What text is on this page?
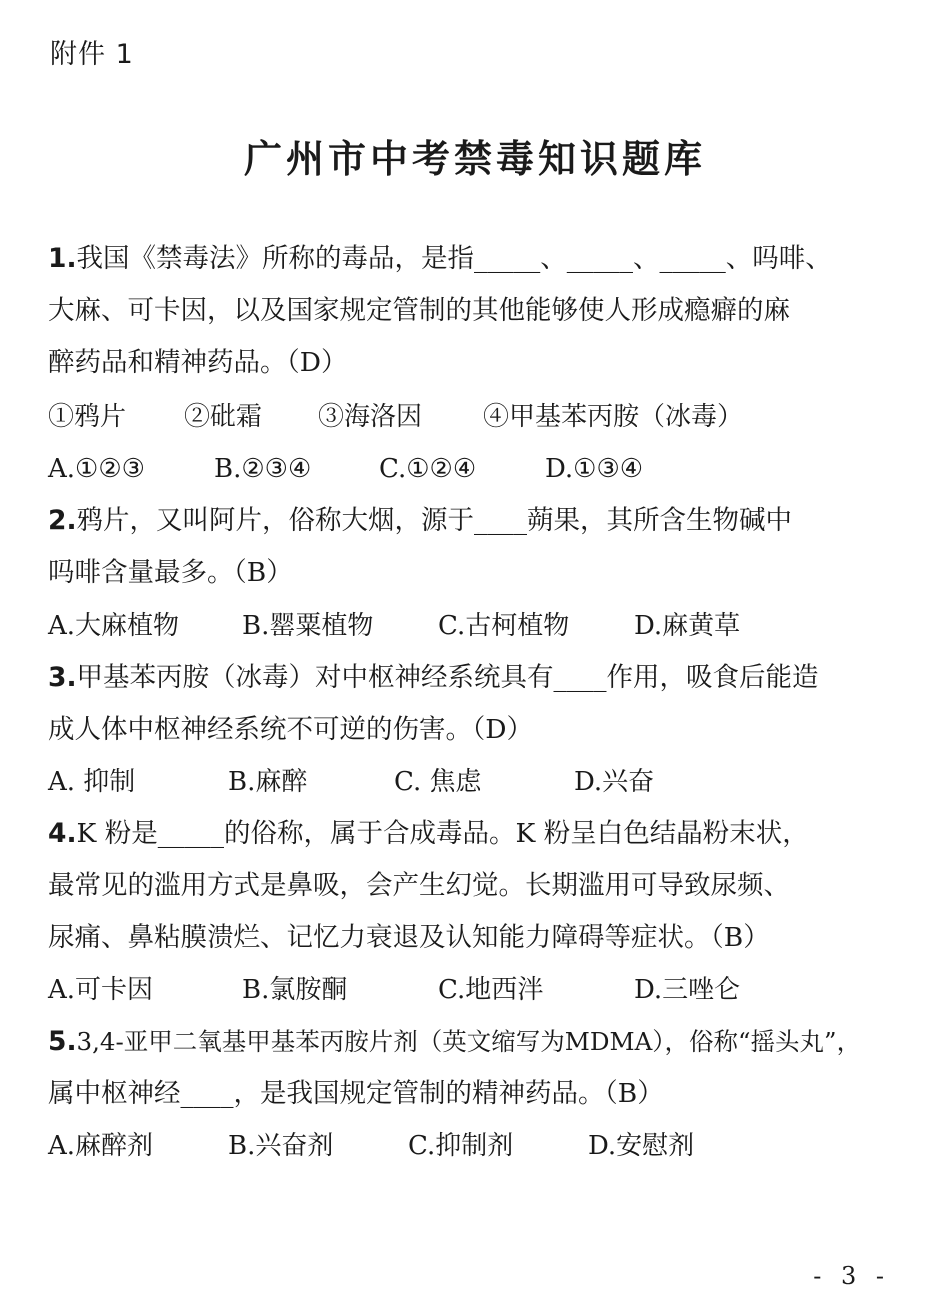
附件 1
广州市中考禁毒知识题库
1.我国《禁毒法》所称的毒品，是指_____、_____、_____、吗啡、
大麻、可卡因，以及国家规定管制的其他能够使人形成瘾癖的麻
醉药品和精神药品。（D）
①鸦片	②砒霜	③海洛因	④甲基苯丙胺（冰毒）
A.①②③	B.②③④	C.①②④	D.①③④
2.鸦片，又叫阿片，俗称大烟，源于____蒴果，其所含生物碱中
吗啡含量最多。（B）
A.大麻植物	B.罂粟植物	C.古柯植物	D.麻黄草
3.甲基苯丙胺（冰毒）对中枢神经系统具有____作用，吸食后能造
成人体中枢神经系统不可逆的伤害。（D）
A. 抑制	B.麻醉	C. 焦虑	D.兴奋
4.K 粉是_____的俗称，属于合成毒品。K 粉呈白色结晶粉末状，
最常见的滥用方式是鼻吸，会产生幻觉。长期滥用可导致尿频、
尿痛、鼻粘膜溃烂、记忆力衰退及认知能力障碍等症状。（B）
A.可卡因	B.氯胺酮	C.地西泮	D.三唑仑
5.3,4-亚甲二氧基甲基苯丙胺片剂（英文缩写为MDMA），俗称“摇头丸”，
属中枢神经____，是我国规定管制的精神药品。（B）
A.麻醉剂	B.兴奋剂	C.抑制剂	D.安慰剂
- 3 -
